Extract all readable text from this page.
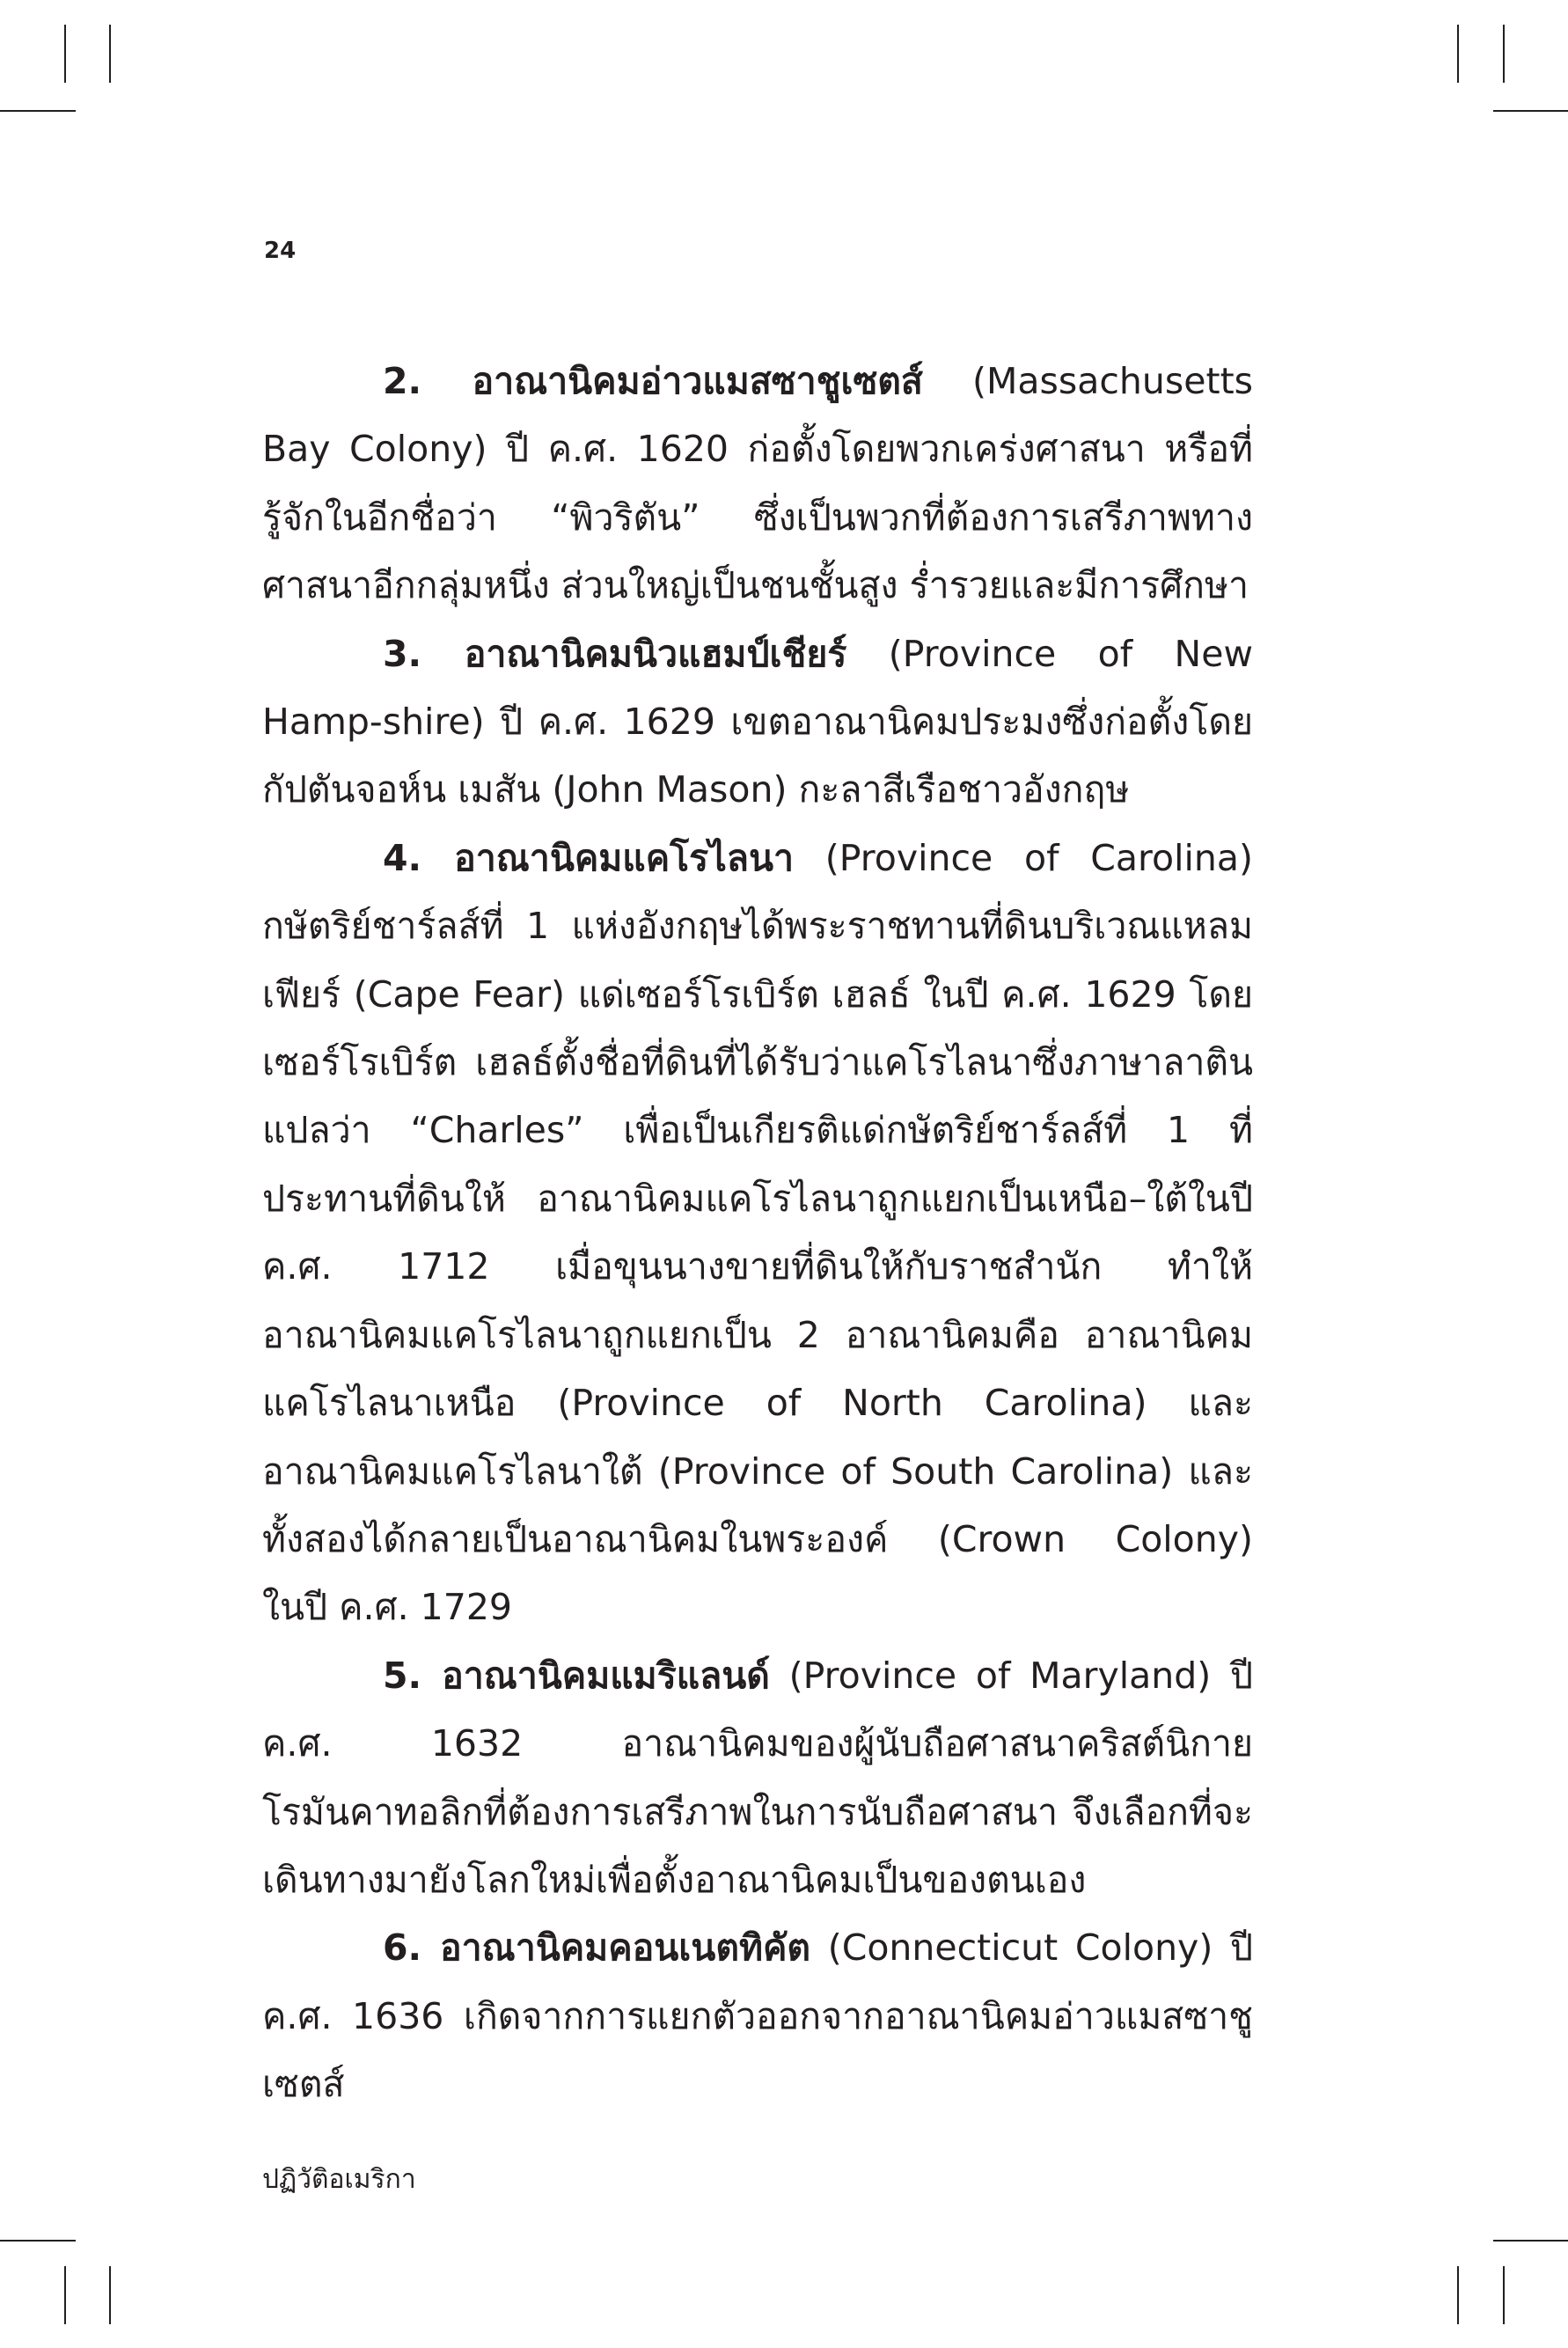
24

2. อาณานิคมอ่าวแมสซาชูเซตส์ (Massachusetts Bay Colony) ปี ค.ศ. 1620 ก่อตั้งโดยพวกเคร่งศาสนา หรือที่รู้จักในอีกชื่อว่า “พิวริตัน” ซึ่งเป็นพวกที่ต้องการเสรีภาพทางศาสนาอีกกลุ่มหนึ่ง ส่วนใหญ่เป็นชนชั้นสูง ร่ำรวยและมีการศึกษา

3. อาณานิคมนิวแฮมป์เชียร์ (Province of New Hamp-shire) ปี ค.ศ. 1629 เขตอาณานิคมประมงซึ่งก่อตั้งโดยกัปตันจอห์น เมสัน (John Mason) กะลาสีเรือชาวอังกฤษ

4. อาณานิคมแคโรไลนา (Province of Carolina) กษัตริย์ชาร์ลส์ที่ 1 แห่งอังกฤษได้พระราชทานที่ดินบริเวณแหลมเฟียร์ (Cape Fear) แด่เซอร์โรเบิร์ต เฮลธ์ ในปี ค.ศ. 1629 โดยเซอร์โรเบิร์ต เฮลธ์ตั้งชื่อที่ดินที่ได้รับว่าแคโรไลนาซึ่งภาษาลาตินแปลว่า “Charles” เพื่อเป็นเกียรติแด่กษัตริย์ชาร์ลส์ที่ 1 ที่ประทานที่ดินให้ อาณานิคมแคโรไลนาถูกแยกเป็นเหนือ–ใต้ในปี ค.ศ. 1712 เมื่อขุนนางขายที่ดินให้กับราชสำนัก ทำให้อาณานิคมแคโรไลนาถูกแยกเป็น 2 อาณานิคมคือ อาณานิคมแคโรไลนาเหนือ (Province of North Carolina) และอาณานิคมแคโรไลนาใต้ (Province of South Carolina) และทั้งสองได้กลายเป็นอาณานิคมในพระองค์ (Crown Colony) ในปี ค.ศ. 1729

5. อาณานิคมแมริแลนด์ (Province of Maryland) ปี ค.ศ. 1632 อาณานิคมของผู้นับถือศาสนาคริสต์นิกายโรมันคาทอลิกที่ต้องการเสรีภาพในการนับถือศาสนา จึงเลือกที่จะเดินทางมายังโลกใหม่เพื่อตั้งอาณานิคมเป็นของตนเอง

6. อาณานิคมคอนเนตทิคัต (Connecticut Colony) ปี ค.ศ. 1636 เกิดจากการแยกตัวออกจากอาณานิคมอ่าวแมสซาชูเซตส์

ปฏิวัติอเมริกา
